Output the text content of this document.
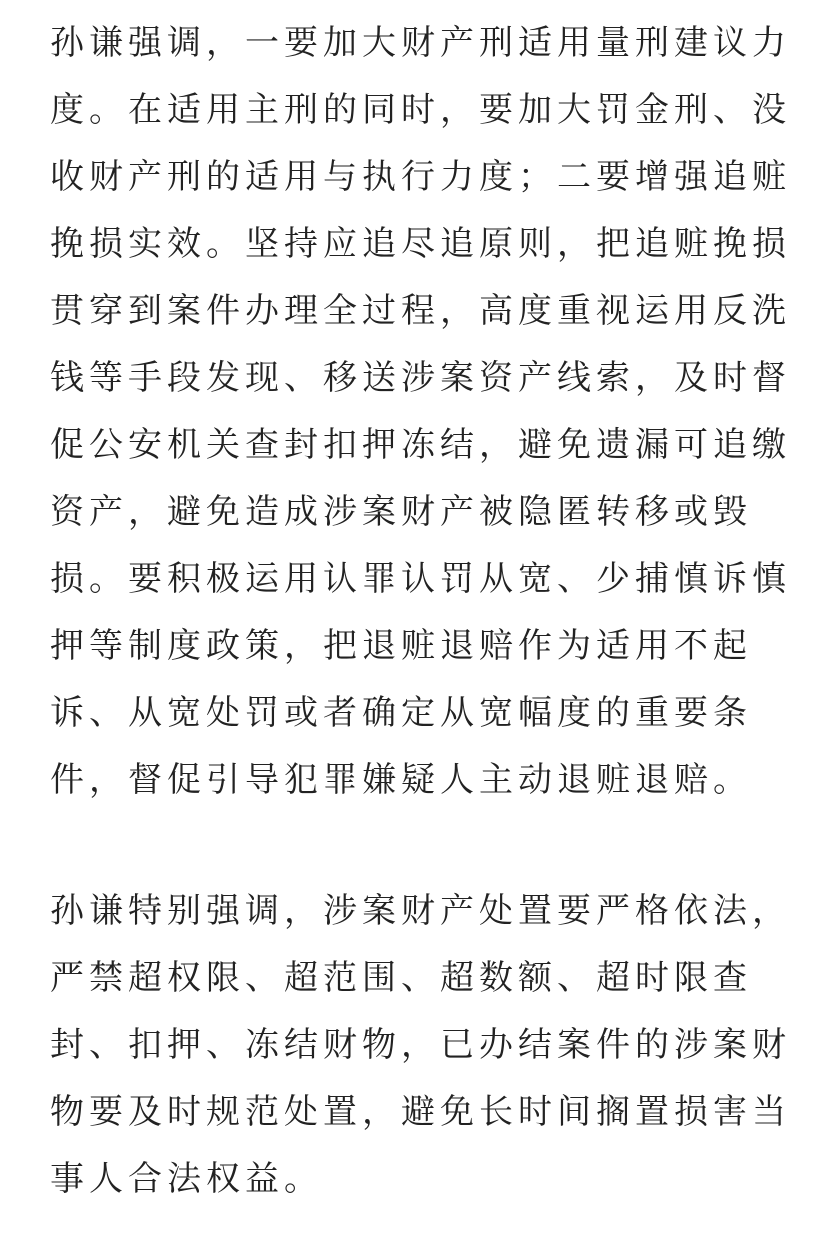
孙谦强调，一要加大财产刑适用量刑建议力
度。在适用主刑的同时，要加大罚金刑、没
收财产刑的适用与执行力度；二要增强追赃
挽损实效。坚持应追尽追原则，把追赃挽损
贯穿到案件办理全过程，高度重视运用反洗
钱等手段发现、移送涉案资产线索，及时督
促公安机关查封扣押冻结，避免遗漏可追缴
资产，避免造成涉案财产被隐匿转移或毁
损。要积极运用认罪认罚从宽、少捕慎诉慎
押等制度政策，把退赃退赔作为适用不起
诉、从宽处罚或者确定从宽幅度的重要条
件，督促引导犯罪嫌疑人主动退赃退赔。
孙谦特别强调，涉案财产处置要严格依法，
严禁超权限、超范围、超数额、超时限查
封、扣押、冻结财物，已办结案件的涉案财
物要及时规范处置，避免长时间搁置损害当
事人合法权益。
